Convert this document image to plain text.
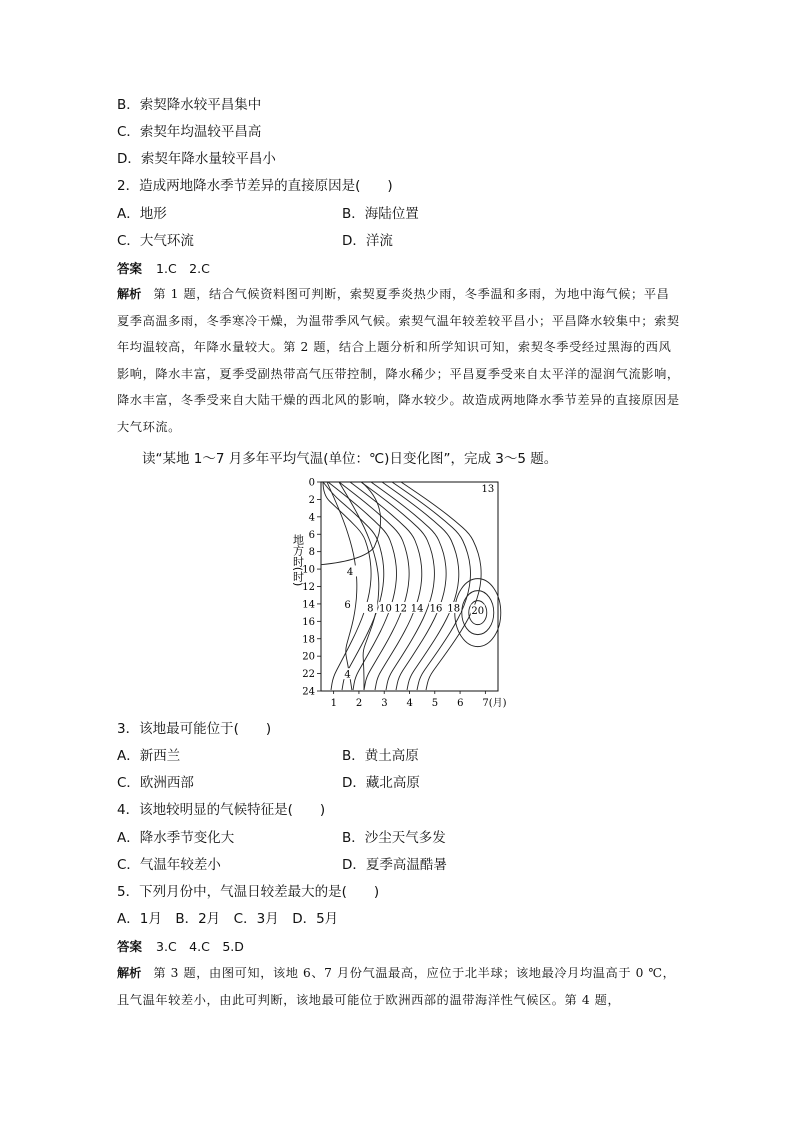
B．索契降水较平昌集中
C．索契年均温较平昌高
D．索契年降水量较平昌小
2．造成两地降水季节差异的直接原因是(　　)
A．地形	B．海陆位置
C．大气环流	D．洋流
答案 1.C　2.C
解析 第 1 题，结合气候资料图可判断，索契夏季炎热少雨，冬季温和多雨，为地中海气候；平昌夏季高温多雨，冬季寒冷干燥，为温带季风气候。索契气温年较差较平昌小；平昌降水较集中；索契年均温较高，年降水量较大。第 2 题，结合上题分析和所学知识可知，索契冬季受经过黑海的西风影响，降水丰富，夏季受副热带高气压带控制，降水稀少；平昌夏季受来自太平洋的湿润气流影响，降水丰富，冬季受来自大陆干燥的西北风的影响，降水较少。故造成两地降水季节差异的直接原因是大气环流。
读“某地 1～7 月多年平均气温(单位：℃)日变化图”，完成 3～5 题。
0
2
4
6
8
10
12
14
16
18
20
22
24
1 2 3 4 5 6 7(月)
地方时(时)
13
4
6 8 10 12 14 16 18 20
4
3．该地最可能位于(　　)
A．新西兰	B．黄土高原
C．欧洲西部	D．藏北高原
4．该地较明显的气候特征是(　　)
A．降水季节变化大	B．沙尘天气多发
C．气温年较差小	D．夏季高温酷暑
5．下列月份中，气温日较差最大的是(　　)
A．1月　B．2月　C．3月　D．5月
答案 3.C　4.C　5.D
解析 第 3 题，由图可知，该地 6、7 月份气温最高，应位于北半球；该地最冷月均温高于 0 ℃，且气温年较差小，由此可判断，该地最可能位于欧洲西部的温带海洋性气候区。第 4 题，
